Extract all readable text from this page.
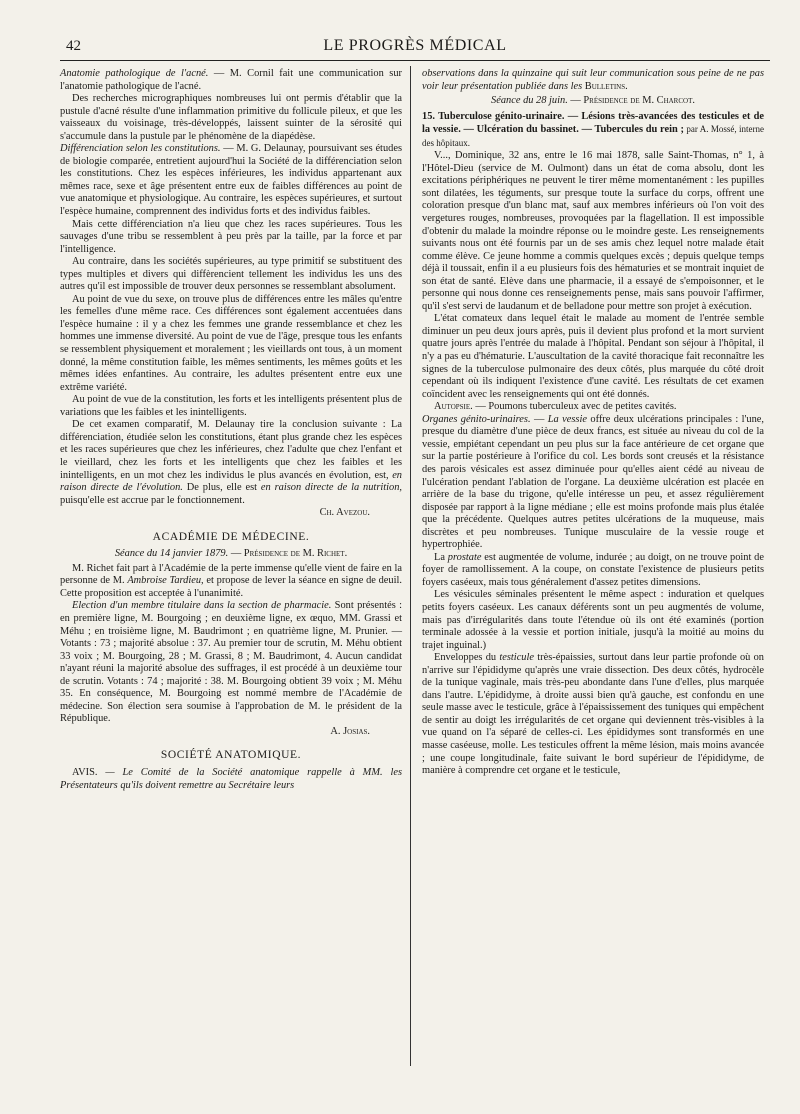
42	LE PROGRÈS MÉDICAL

Anatomie pathologique de l'acné. — M. Cornil fait une communication sur l'anatomie pathologique de l'acné.

Des recherches micrographiques nombreuses lui ont permis d'établir que la pustule d'acné résulte d'une inflammation primitive du follicule pileux, et que les vaisseaux du voisinage, très-développés, laissent suinter de la sérosité qui s'accumule dans la pustule par le phénomène de la diapédèse.

Différenciation selon les constitutions. — M. G. Delaunay, poursuivant ses études de biologie comparée, entretient aujourd'hui la Société de la différenciation selon les constitutions. Chez les espèces inférieures, les individus appartenant aux mêmes race, sexe et âge présentent entre eux de faibles différences au point de vue anatomique et physiologique. Au contraire, les espèces supérieures, et surtout l'espèce humaine, comprennent des individus forts et des individus faibles.

Mais cette différenciation n'a lieu que chez les races supérieures. Tous les sauvages d'une tribu se ressemblent à peu près par la taille, par la force et par l'intelligence.

Au contraire, dans les sociétés supérieures, au type primitif se substituent des types multiples et divers qui diffèrencient tellement les individus les uns des autres qu'il est impossible de trouver deux personnes se ressemblant absolument.

Au point de vue du sexe, on trouve plus de différences entre les mâles qu'entre les femelles d'une même race. Ces différences sont également accentuées dans l'espèce humaine : il y a chez les femmes une grande ressemblance et chez les hommes une immense diversité. Au point de vue de l'âge, presque tous les enfants se ressemblent physiquement et moralement ; les vieillards ont tous, à un moment donné, la même constitution faible, les mêmes sentiments, les mêmes goûts et les mêmes idées enfantines. Au contraire, les adultes présentent entre eux une extrême variété.

Au point de vue de la constitution, les forts et les intelligents présentent plus de variations que les faibles et les inintelligents.

De cet examen comparatif, M. Delaunay tire la conclusion suivante : La différenciation, étudiée selon les constitutions, étant plus grande chez les espèces et les races supérieures que chez les inférieures, chez l'adulte que chez l'enfant et le vieillard, chez les forts et les intelligents que chez les faibles et les inintelligents, en un mot chez les individus le plus avancés en évolution, est, en raison directe de l'évolution. De plus, elle est en raison directe de la nutrition, puisqu'elle est accrue par le fonctionnement.

Ch. Avezou.

ACADÉMIE DE MÉDECINE.

Séance du 14 janvier 1879. — Présidence de M. Richet.

M. Richet fait part à l'Académie de la perte immense qu'elle vient de faire en la personne de M. Ambroise Tardieu, et propose de lever la séance en signe de deuil. Cette proposition est acceptée à l'unanimité.

Election d'un membre titulaire dans la section de pharmacie. Sont présentés : en première ligne, M. Bourgoing ; en deuxième ligne, ex œquo, MM. Grassi et Méhu ; en troisième ligne, M. Baudrimont ; en quatrième ligne, M. Prunier. — Votants : 73 ; majorité absolue : 37. Au premier tour de scrutin, M. Méhu obtient 33 voix ; M. Bourgoing, 28 ; M. Grassi, 8 ; M. Baudrimont, 4. Aucun candidat n'ayant réuni la majorité absolue des suffrages, il est procédé à un deuxième tour de scrutin. Votants : 74 ; majorité : 38. M. Bourgoing obtient 39 voix ; M. Méhu 35. En conséquence, M. Bourgoing est nommé membre de l'Académie de médecine. Son élection sera soumise à l'approbation de M. le président de la République.

A. Josias.

SOCIÉTÉ ANATOMIQUE.

AVIS. — Le Comité de la Société anatomique rappelle à MM. les Présentateurs qu'ils doivent remettre au Secrétaire leurs

observations dans la quinzaine qui suit leur communication sous peine de ne pas voir leur présentation publiée dans les Bulletins.

Séance du 28 juin. — Présidence de M. Charcot.

15. Tuberculose génito-urinaire. — Lésions très-avancées des testicules et de la vessie. — Ulcération du bassinet. — Tubercules du rein ; par A. Mossé, interne des hôpitaux.

V..., Dominique, 32 ans, entre le 16 mai 1878, salle Saint-Thomas, n° 1, à l'Hôtel-Dieu (service de M. Oulmont) dans un état de coma absolu, dont les excitations périphériques ne peuvent le tirer même momentanément : les pupilles sont dilatées, les téguments, sur presque toute la surface du corps, offrent une coloration presque d'un blanc mat, sauf aux membres inférieurs où l'on voit des vergetures rouges, nombreuses, provoquées par la flagellation. Il est impossible d'obtenir du malade la moindre réponse ou le moindre geste. Les renseignements suivants nous ont été fournis par un de ses amis chez lequel notre malade était comme élève. Ce jeune homme a commis quelques excès ; depuis quelque temps déjà il toussait, enfin il a eu plusieurs fois des hématuries et se montrait inquiet de son état de santé. Elève dans une pharmacie, il a essayé de s'empoisonner, et le personne qui nous donne ces renseignements pense, mais sans pouvoir l'affirmer, qu'il s'est servi de laudanum et de belladone pour mettre son projet à exécution.

L'état comateux dans lequel était le malade au moment de l'entrée semble diminuer un peu deux jours après, puis il devient plus profond et la mort survient quatre jours après l'entrée du malade à l'hôpital. Pendant son séjour à l'hôpital, il n'y a pas eu d'hématurie. L'auscultation de la cavité thoracique fait reconnaître les signes de la tuberculose pulmonaire des deux côtés, plus marquée du côté droit cependant où ils indiquent l'existence d'une cavité. Les résultats de cet examen coïncident avec les renseignements qui ont été donnés.

Autopsie. — Poumons tuberculeux avec de petites cavités.

Organes génito-urinaires. — La vessie offre deux ulcérations principales : l'une, presque du diamètre d'une pièce de deux francs, est située au niveau du col de la vessie, empiétant cependant un peu plus sur la face antérieure de cet organe que sur la partie postérieure à l'orifice du col. Les bords sont creusés et la résistance des parois vésicales est assez diminuée pour qu'elles aient cédé au niveau de l'ulcération pendant l'ablation de l'organe. La deuxième ulcération est placée en arrière de la base du trigone, qu'elle intéresse un peu, et assez régulièrement disposée par rapport à la ligne médiane ; elle est moins profonde mais plus étalée que la précédente. Quelques autres petites ulcérations de la muqueuse, mais discrètes et peu nombreuses. Tunique musculaire de la vessie rouge et hypertrophiée.

La prostate est augmentée de volume, indurée ; au doigt, on ne trouve point de foyer de ramollissement. A la coupe, on constate l'existence de plusieurs petits foyers caséeux, mais tous généralement d'assez petites dimensions.

Les vésicules séminales présentent le même aspect : induration et quelques petits foyers caséeux. Les canaux déférents sont un peu augmentés de volume, mais pas d'irrégularités dans toute l'étendue où ils ont été examinés (portion terminale adossée à la vessie et portion initiale, jusqu'à la moitié au moins du trajet inguinal.)

Enveloppes du testicule très-épaissies, surtout dans leur partie profonde où on n'arrive sur l'épididyme qu'après une vraie dissection. Des deux côtés, hydrocèle de la tunique vaginale, mais très-peu abondante dans l'une d'elles, plus marquée dans l'autre. L'épididyme, à droite aussi bien qu'à gauche, est confondu en une seule masse avec le testicule, grâce à l'épaississement des tuniques qui empêchent de sentir au doigt les irrégularités de cet organe qui deviennent très-visibles à la vue quand on l'a séparé de celles-ci. Les épididymes sont transformés en une masse caséeuse, molle. Les testicules offrent la même lésion, mais moins avancée ; une coupe longitudinale, faite suivant le bord supérieur de l'épididyme, de manière à comprendre cet organe et le testicule,
